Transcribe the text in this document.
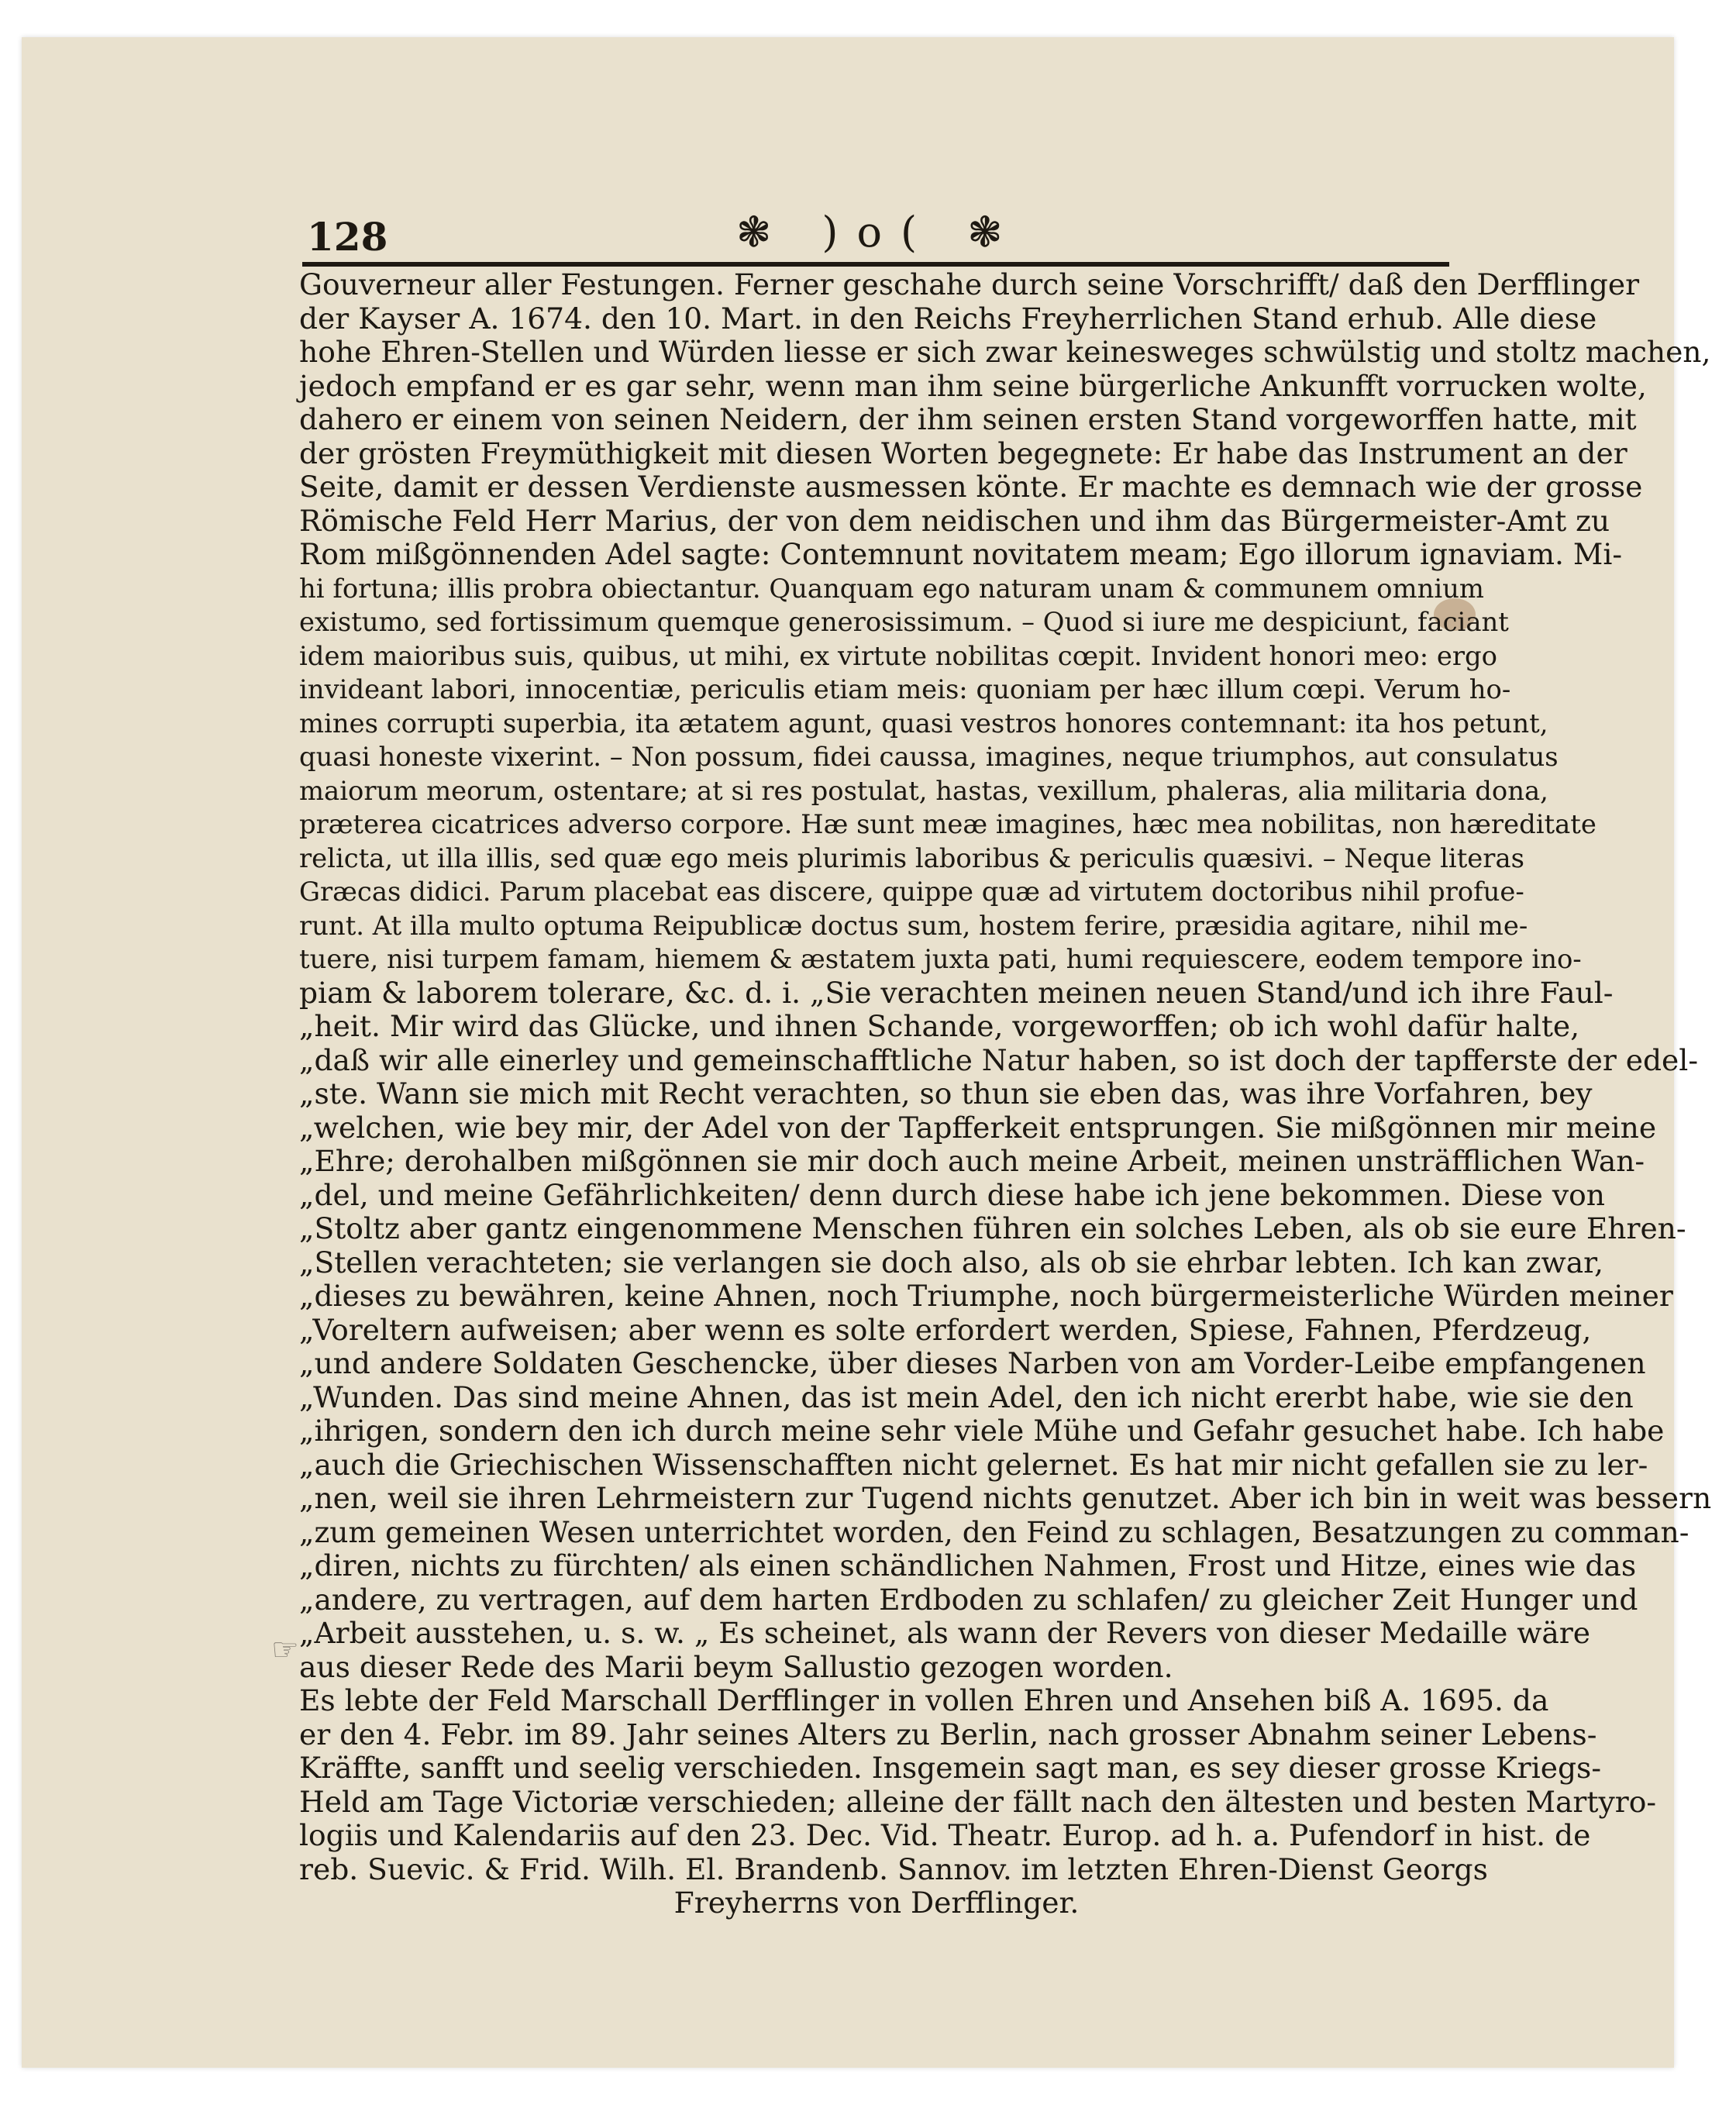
128	❃ )o( ❃
☞
Gouverneur aller Festungen. Ferner geschahe durch seine Vorschrifft/ daß den Derfflinger
der Kayser A. 1674. den 10. Mart. in den Reichs Freyherrlichen Stand erhub. Alle diese
hohe Ehren-Stellen und Würden liesse er sich zwar keinesweges schwülstig und stoltz machen,
jedoch empfand er es gar sehr, wenn man ihm seine bürgerliche Ankunfft vorrucken wolte,
dahero er einem von seinen Neidern, der ihm seinen ersten Stand vorgeworffen hatte, mit
der grösten Freymüthigkeit mit diesen Worten begegnete: Er habe das Instrument an der
Seite, damit er dessen Verdienste ausmessen könte. Er machte es demnach wie der grosse
Römische Feld Herr Marius, der von dem neidischen und ihm das Bürgermeister-Amt zu
Rom mißgönnenden Adel sagte: Contemnunt novitatem meam; Ego illorum ignaviam. Mi-
hi fortuna; illis probra obiectantur. Quanquam ego naturam unam & communem omnium
existumo, sed fortissimum quemque generosissimum. – Quod si iure me despiciunt, faciant
idem maioribus suis, quibus, ut mihi, ex virtute nobilitas cœpit. Invident honori meo: ergo
invideant labori, innocentiæ, periculis etiam meis: quoniam per hæc illum cœpi. Verum ho-
mines corrupti superbia, ita ætatem agunt, quasi vestros honores contemnant: ita hos petunt,
quasi honeste vixerint. – Non possum, fidei caussa, imagines, neque triumphos, aut consulatus
maiorum meorum, ostentare; at si res postulat, hastas, vexillum, phaleras, alia militaria dona,
præterea cicatrices adverso corpore. Hæ sunt meæ imagines, hæc mea nobilitas, non hæreditate
relicta, ut illa illis, sed quæ ego meis plurimis laboribus & periculis quæsivi. – Neque literas
Græcas didici. Parum placebat eas discere, quippe quæ ad virtutem doctoribus nihil profue-
runt. At illa multo optuma Reipublicæ doctus sum, hostem ferire, præsidia agitare, nihil me-
tuere, nisi turpem famam, hiemem & æstatem juxta pati, humi requiescere, eodem tempore ino-
piam & laborem tolerare, &c. d. i. „Sie verachten meinen neuen Stand/und ich ihre Faul-
„heit. Mir wird das Glücke, und ihnen Schande, vorgeworffen; ob ich wohl dafür halte,
„daß wir alle einerley und gemeinschafftliche Natur haben, so ist doch der tapfferste der edel-
„ste. Wann sie mich mit Recht verachten, so thun sie eben das, was ihre Vorfahren, bey
„welchen, wie bey mir, der Adel von der Tapfferkeit entsprungen. Sie mißgönnen mir meine
„Ehre; derohalben mißgönnen sie mir doch auch meine Arbeit, meinen unsträfflichen Wan-
„del, und meine Gefährlichkeiten/ denn durch diese habe ich jene bekommen. Diese von
„Stoltz aber gantz eingenommene Menschen führen ein solches Leben, als ob sie eure Ehren-
„Stellen verachteten; sie verlangen sie doch also, als ob sie ehrbar lebten. Ich kan zwar,
„dieses zu bewähren, keine Ahnen, noch Triumphe, noch bürgermeisterliche Würden meiner
„Voreltern aufweisen; aber wenn es solte erfordert werden, Spiese, Fahnen, Pferdzeug,
„und andere Soldaten Geschencke, über dieses Narben von am Vorder-Leibe empfangenen
„Wunden. Das sind meine Ahnen, das ist mein Adel, den ich nicht ererbt habe, wie sie den
„ihrigen, sondern den ich durch meine sehr viele Mühe und Gefahr gesuchet habe. Ich habe
„auch die Griechischen Wissenschafften nicht gelernet. Es hat mir nicht gefallen sie zu ler-
„nen, weil sie ihren Lehrmeistern zur Tugend nichts genutzet. Aber ich bin in weit was bessern
„zum gemeinen Wesen unterrichtet worden, den Feind zu schlagen, Besatzungen zu comman-
„diren, nichts zu fürchten/ als einen schändlichen Nahmen, Frost und Hitze, eines wie das
„andere, zu vertragen, auf dem harten Erdboden zu schlafen/ zu gleicher Zeit Hunger und
„Arbeit ausstehen, u. s. w. „ Es scheinet, als wann der Revers von dieser Medaille wäre
aus dieser Rede des Marii beym Sallustio gezogen worden.
Es lebte der Feld Marschall Derfflinger in vollen Ehren und Ansehen biß A. 1695. da
er den 4. Febr. im 89. Jahr seines Alters zu Berlin, nach grosser Abnahm seiner Lebens-
Kräffte, sanfft und seelig verschieden. Insgemein sagt man, es sey dieser grosse Kriegs-
Held am Tage Victoriæ verschieden; alleine der fällt nach den ältesten und besten Martyro-
logiis und Kalendariis auf den 23. Dec. Vid. Theatr. Europ. ad h. a. Pufendorf in hist. de
reb. Suevic. & Frid. Wilh. El. Brandenb. Sannov. im letzten Ehren-Dienst Georgs
Freyherrns von Derfflinger.
